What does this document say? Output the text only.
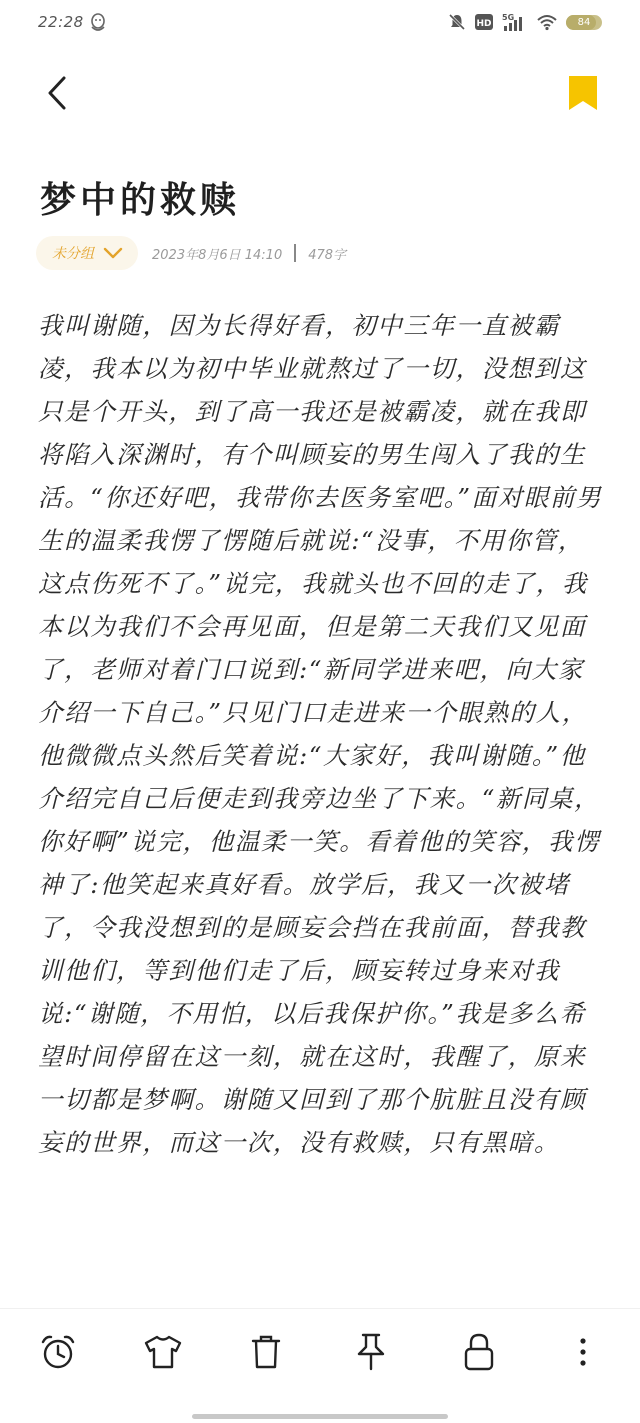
22:28	HD
5G	84
梦中的救赎
未分组	2023年8月6日 14:10 478字
我叫谢随，因为长得好看，初中三年一直被霸凌，我本以为初中毕业就熬过了一切，没想到这只是个开头，到了高一我还是被霸凌，就在我即将陷入深渊时，有个叫顾妄的男生闯入了我的生活。“你还好吧，我带你去医务室吧。”面对眼前男生的温柔我愣了愣随后就说:“没事，不用你管，这点伤死不了。”说完，我就头也不回的走了，我本以为我们不会再见面，但是第二天我们又见面了，老师对着门口说到:“新同学进来吧，向大家介绍一下自己。”只见门口走进来一个眼熟的人，他微微点头然后笑着说:“大家好，我叫谢随。”他介绍完自己后便走到我旁边坐了下来。“新同桌，你好啊”说完，他温柔一笑。看着他的笑容，我愣神了:他笑起来真好看。放学后，我又一次被堵了，令我没想到的是顾妄会挡在我前面，替我教训他们，等到他们走了后，顾妄转过身来对我说:“谢随，不用怕，以后我保护你。”我是多么希望时间停留在这一刻，就在这时，我醒了，原来一切都是梦啊。谢随又回到了那个肮脏且没有顾妄的世界，而这一次，没有救赎，只有黑暗。
